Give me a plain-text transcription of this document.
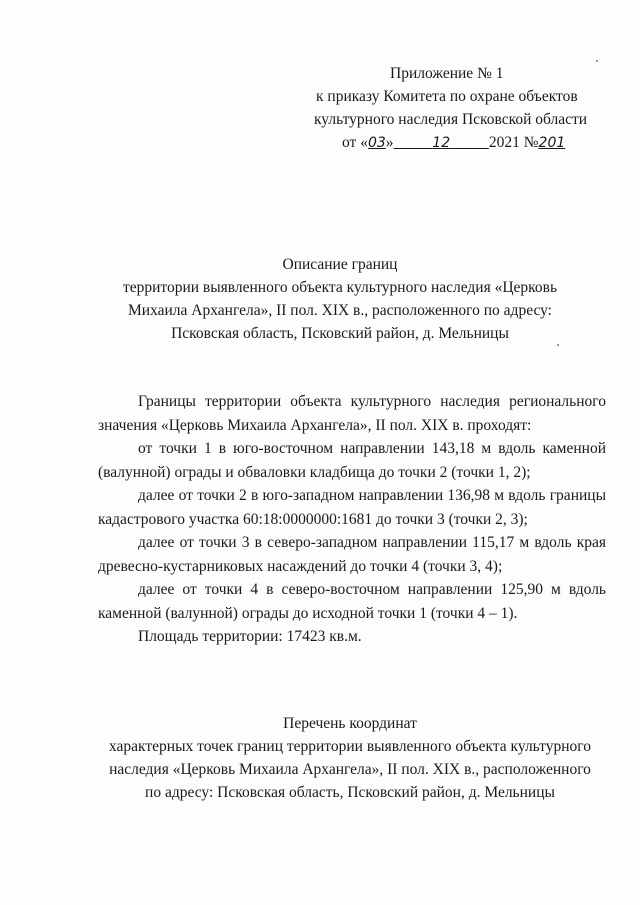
Приложение № 1
к приказу Комитета по охране объектов
культурного наследия Псковской области
от «03»	12	2021 №201
Описание границ
территории выявленного объекта культурного наследия «Церковь
Михаила Архангела», II пол. XIX в., расположенного по адресу:
Псковская область, Псковский район, д. Мельницы

Границы территории объекта культурного наследия регионального значения «Церковь Михаила Архангела», II пол. XIX в. проходят:

от точки 1 в юго-восточном направлении 143,18 м вдоль каменной (валунной) ограды и обваловки кладбища до точки 2 (точки 1, 2);

далее от точки 2 в юго-западном направлении 136,98 м вдоль границы кадастрового участка 60:18:0000000:1681 до точки 3 (точки 2, 3);

далее от точки 3 в северо-западном направлении 115,17 м вдоль края древесно-кустарниковых насаждений до точки 4 (точки 3, 4);

далее от точки 4 в северо-восточном направлении 125,90 м вдоль каменной (валунной) ограды до исходной точки 1 (точки 4 – 1).

Площадь территории: 17423 кв.м.

Перечень координат
характерных точек границ территории выявленного объекта культурного
наследия «Церковь Михаила Архангела», II пол. XIX в., расположенного
по адресу: Псковская область, Псковский район, д. Мельницы
